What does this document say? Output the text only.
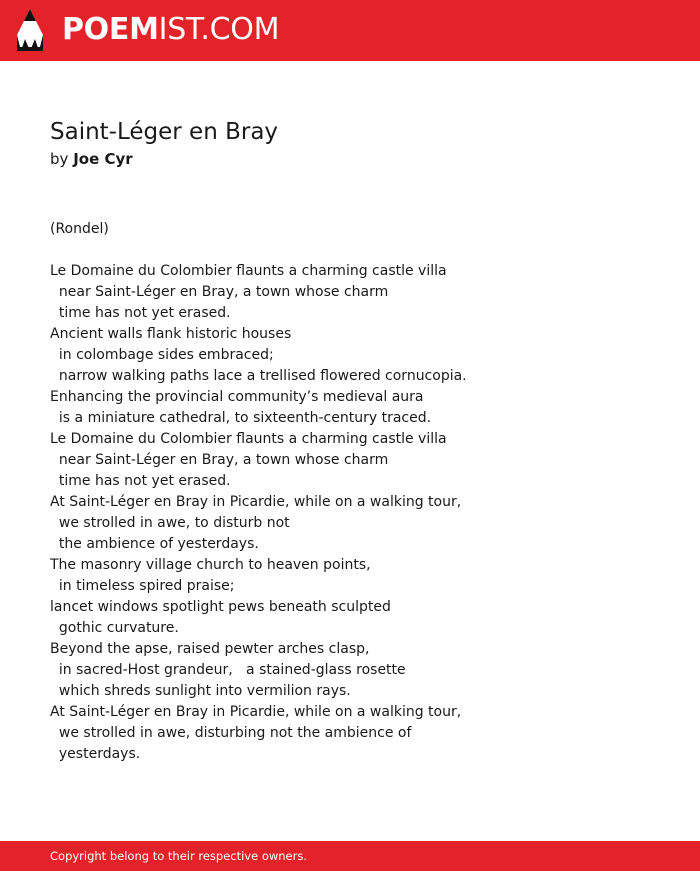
POEMIST.COM
Saint-Léger en Bray
by Joe Cyr
(Rondel)
Le Domaine du Colombier flaunts a charming castle villa
near Saint-Léger en Bray, a town whose charm
time has not yet erased.
Ancient walls flank historic houses
in colombage sides embraced;
narrow walking paths lace a trellised flowered cornucopia.
Enhancing the provincial community’s medieval aura
is a miniature cathedral, to sixteenth-century traced.
Le Domaine du Colombier flaunts a charming castle villa
near Saint-Léger en Bray, a town whose charm
time has not yet erased.
At Saint-Léger en Bray in Picardie, while on a walking tour,
we strolled in awe, to disturb not
the ambience of yesterdays.
The masonry village church to heaven points,
in timeless spired praise;
lancet windows spotlight pews beneath sculpted
gothic curvature.
Beyond the apse, raised pewter arches clasp,
in sacred-Host grandeur,   a stained-glass rosette
which shreds sunlight into vermilion rays.
At Saint-Léger en Bray in Picardie, while on a walking tour,
we strolled in awe, disturbing not the ambience of
yesterdays.
Copyright belong to their respective owners.
